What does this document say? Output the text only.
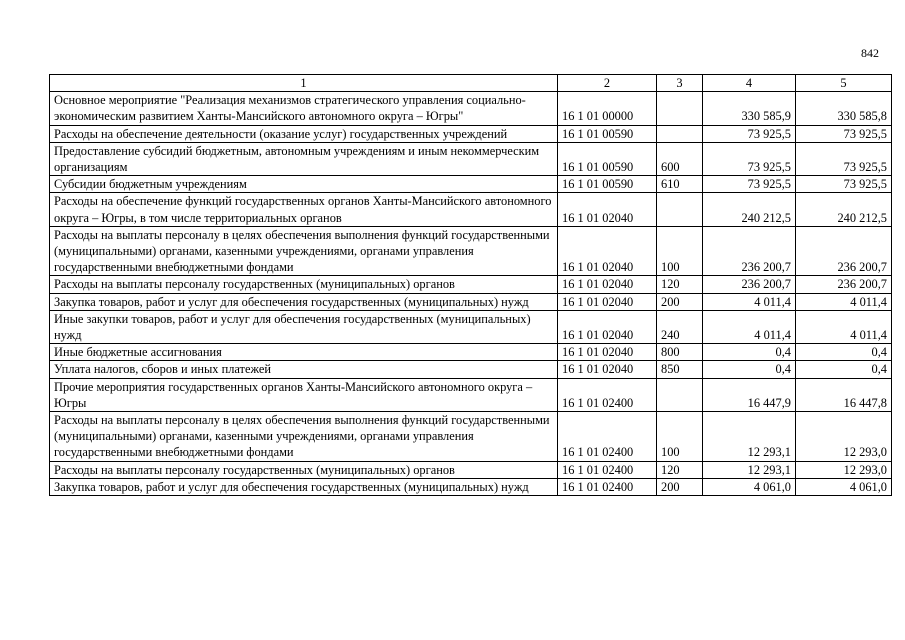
842
1	2	3	4	5
Основное мероприятие "Реализация механизмов стратегического управления социально-экономическим развитием Ханты-Мансийского автономного округа – Югры"	16 1 01 00000		330 585,9	330 585,8
Расходы на обеспечение деятельности (оказание услуг) государственных учреждений	16 1 01 00590		73 925,5	73 925,5
Предоставление субсидий бюджетным, автономным учреждениям и иным некоммерческим организациям	16 1 01 00590	600	73 925,5	73 925,5
Субсидии бюджетным учреждениям	16 1 01 00590	610	73 925,5	73 925,5
Расходы на обеспечение функций государственных органов Ханты-Мансийского автономного округа – Югры, в том числе территориальных органов	16 1 01 02040		240 212,5	240 212,5
Расходы на выплаты персоналу в целях обеспечения выполнения функций государственными (муниципальными) органами, казенными учреждениями, органами управления государственными внебюджетными фондами	16 1 01 02040	100	236 200,7	236 200,7
Расходы на выплаты персоналу государственных (муниципальных) органов	16 1 01 02040	120	236 200,7	236 200,7
Закупка товаров, работ и услуг для обеспечения государственных (муниципальных) нужд	16 1 01 02040	200	4 011,4	4 011,4
Иные закупки товаров, работ и услуг для обеспечения государственных (муниципальных) нужд	16 1 01 02040	240	4 011,4	4 011,4
Иные бюджетные ассигнования	16 1 01 02040	800	0,4	0,4
Уплата налогов, сборов и иных платежей	16 1 01 02040	850	0,4	0,4
Прочие мероприятия государственных органов Ханты-Мансийского автономного округа – Югры	16 1 01 02400		16 447,9	16 447,8
Расходы на выплаты персоналу в целях обеспечения выполнения функций государственными (муниципальными) органами, казенными учреждениями, органами управления государственными внебюджетными фондами	16 1 01 02400	100	12 293,1	12 293,0
Расходы на выплаты персоналу государственных (муниципальных) органов	16 1 01 02400	120	12 293,1	12 293,0
Закупка товаров, работ и услуг для обеспечения государственных (муниципальных) нужд	16 1 01 02400	200	4 061,0	4 061,0
